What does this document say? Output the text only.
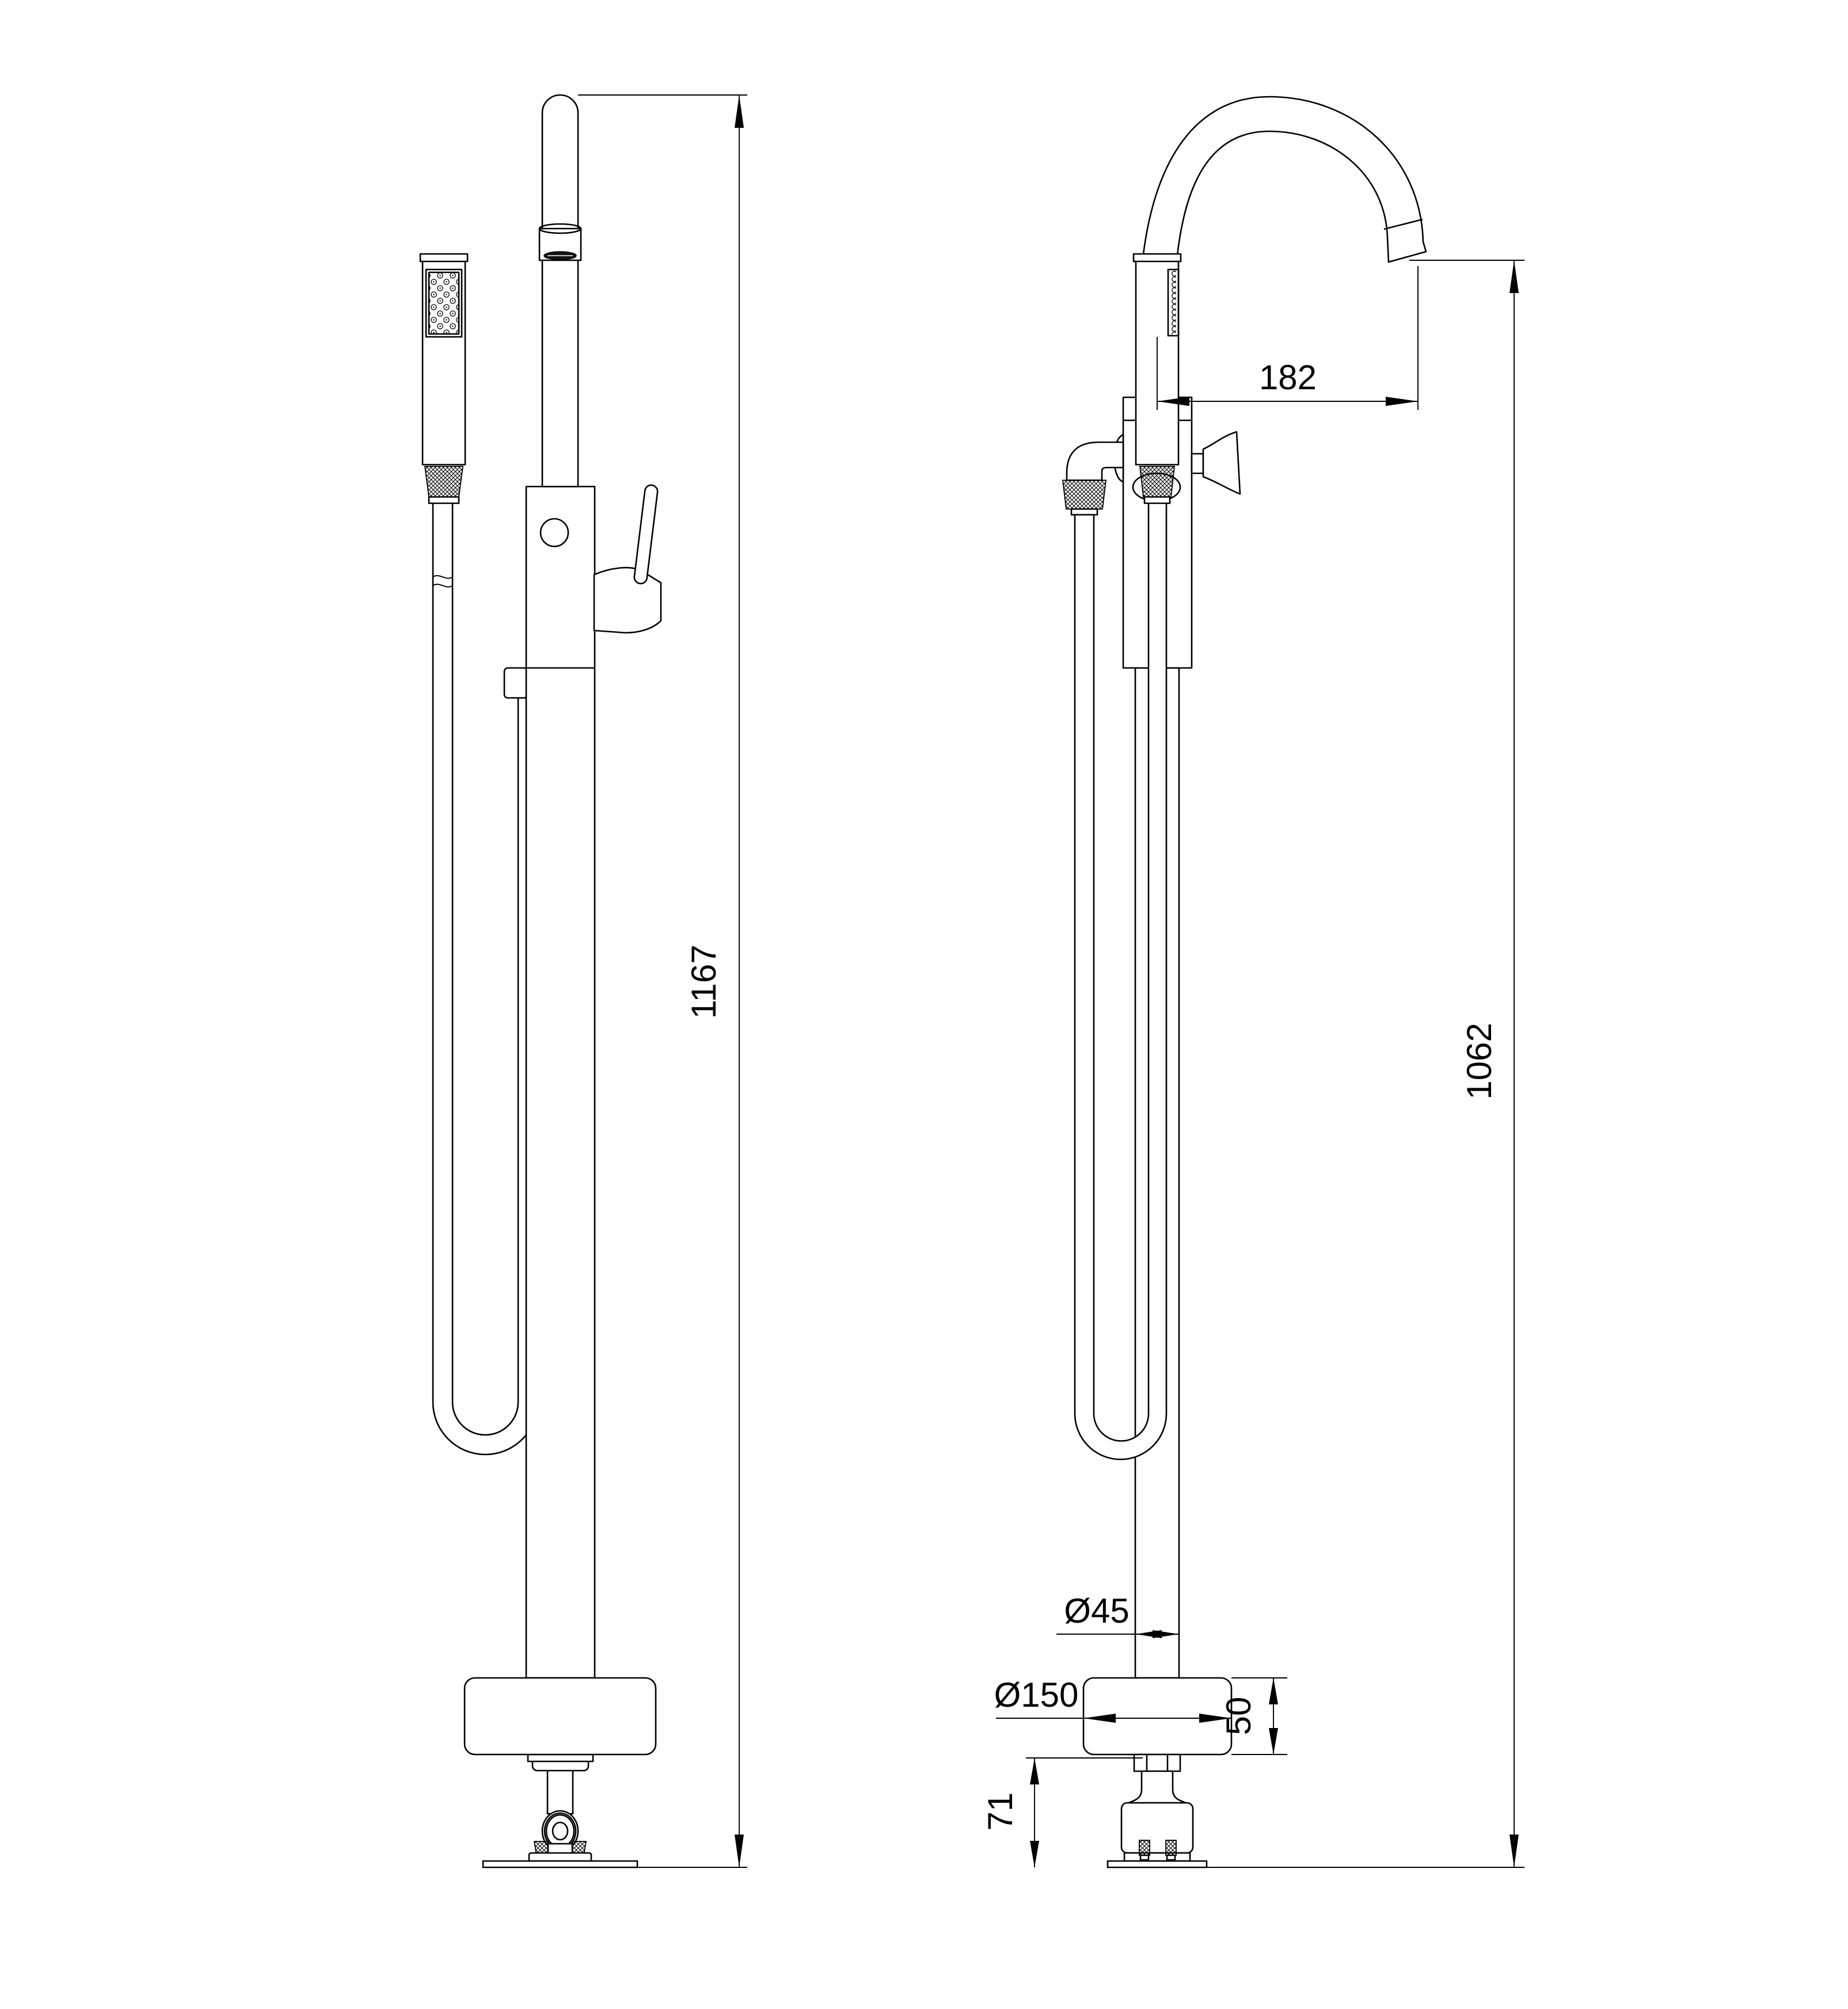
1167
182
1062
Ø45
Ø150
50
71
